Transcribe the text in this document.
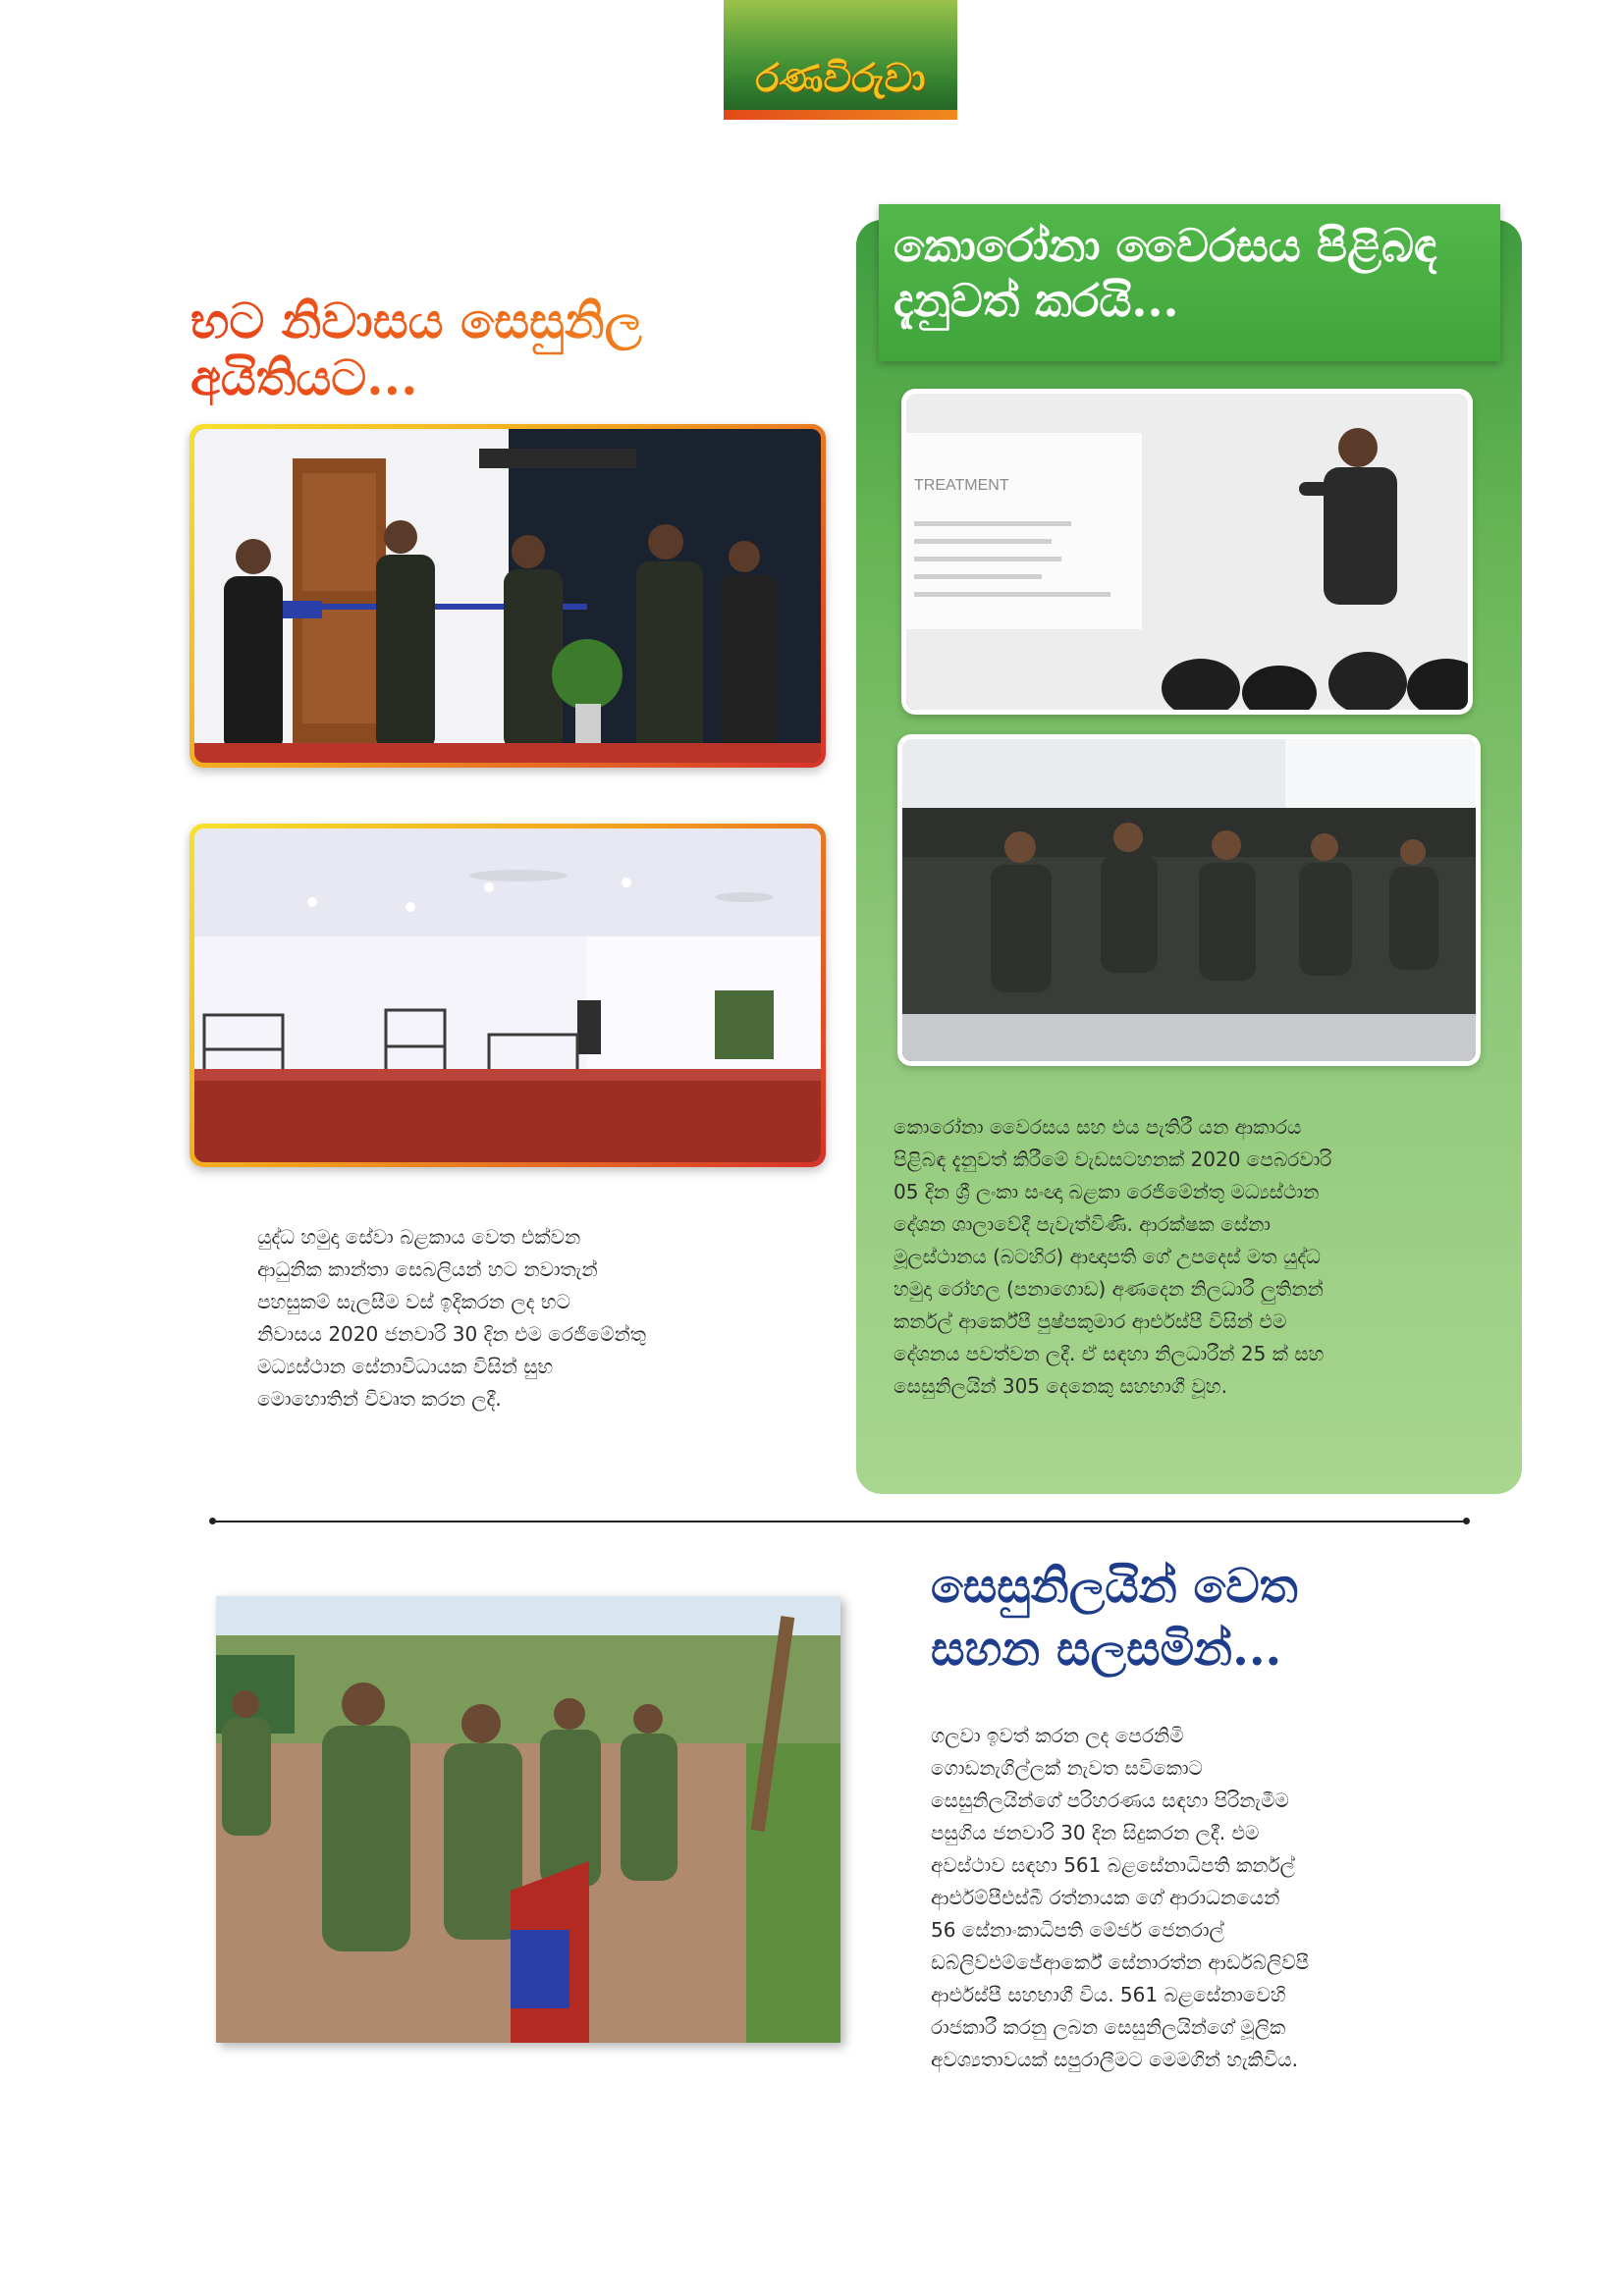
රණවිරුවා
භට නිවාසය සෙසුනිල අයිතියට...
යුද්ධ හමුදා සේවා බළකාය වෙත එක්වන
ආධුනික කාන්තා සෙබලියන් හට නවාතැන්
පහසුකම් සැලසීම වස් ඉදිකරන ලද භට
නිවාසය 2020 ජනවාරි 30 දින එම රෙජිමේන්තු
මධ්‍යස්ථාන සේනාවිධායක විසින් සුභ
මොහොතින් විවෘත කරන ලදී.
කොරෝනා වෛරසය පිළිබඳ
දැනුවත් කරයි...
TREATMENT
කොරෝනා වෛරසය සහ එය පැතිරී යන ආකාරය
පිළිබඳ දැනුවත් කිරීමේ වැඩසටහනක් 2020 පෙබරවාරි
05 දින ශ්‍රී ලංකා සංඥා බළකා රෙජිමේන්තු මධ්‍යස්ථාන
දේශන ශාලාවේදී පැවැත්විණි. ආරක්ෂක සේනා
මූලස්ථානය (බටහිර) ආඥාපති ගේ උපදෙස් මත යුද්ධ
හමුදා රෝහල (පනාගොඩ) අණදෙන නිලධාරී ලුතිනන්
කර්නල් ආර්කේපී පුෂ්පකුමාර ආර්එස්පී විසින් එම
දේශනය පවත්වන ලදී. ඒ සඳහා නිලධාරීන් 25 ක් සහ
සෙසුනිලයින් 305 දෙනෙකු සහභාගී වූහ.
සෙසුනිලයින් වෙත
සහන සලසමින්...
ගලවා ඉවත් කරන ලද පෙරනිමි
ගොඩනැගිල්ලක් නැවත සවිකොට
සෙසුනිලයින්ගේ පරිහරණය සඳහා පිරිනැමීම
පසුගිය ජනවාරි 30 දින සිදුකරන ලදී. එම
අවස්ථාව සඳහා 561 බළසේනාධිපති කර්නල්
ආර්එම්පීඑස්බී රත්නායක ගේ ආරාධනයෙන්
56 සේනාංකාධිපති මේජර් ජෙනරාල්
ඩබ්ලිව්එම්ජේආර්කේ සේනාරත්න ආර්ඩබ්ලිව්පී
ආර්එස්පී සහභාගී විය. 561 බළසේනාවෙහි
රාජකාරී කරනු ලබන සෙසුනිලයින්ගේ මූලික
අවශ්‍යතාවයක් සපුරාලීමට මෙමගින් හැකිවිය.
